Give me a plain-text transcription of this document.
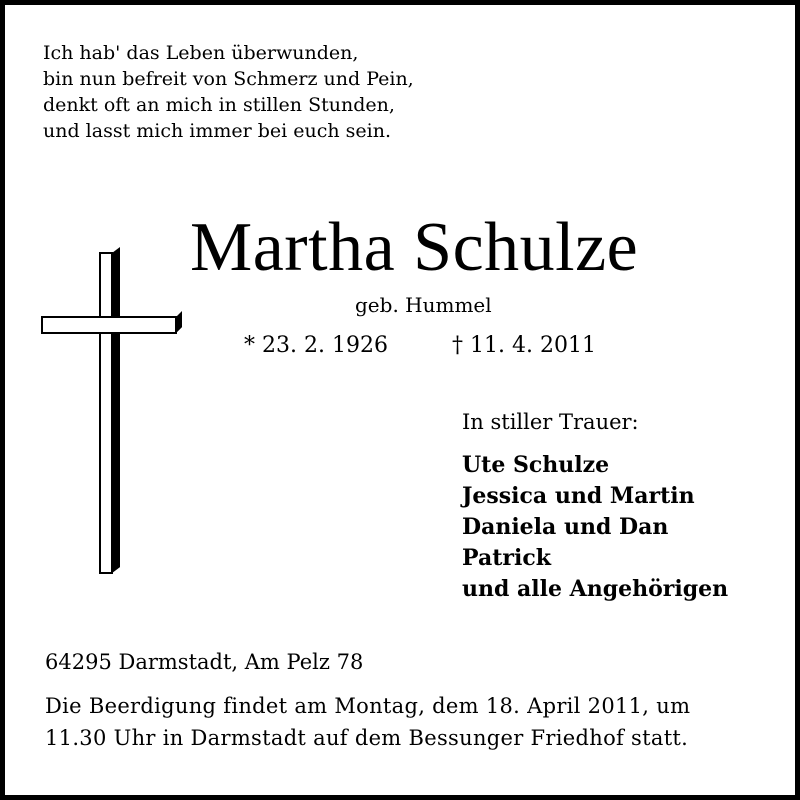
Ich hab' das Leben überwunden,
bin nun befreit von Schmerz und Pein,
denkt oft an mich in stillen Stunden,
und lasst mich immer bei euch sein.
Martha Schulze
geb. Hummel
* 23. 2. 1926	† 11. 4. 2011
In stiller Trauer:
Ute Schulze
Jessica und Martin
Daniela und Dan
Patrick
und alle Angehörigen
64295 Darmstadt, Am Pelz 78
Die Beerdigung findet am Montag, dem 18. April 2011, um
11.30 Uhr in Darmstadt auf dem Bessunger Friedhof statt.
